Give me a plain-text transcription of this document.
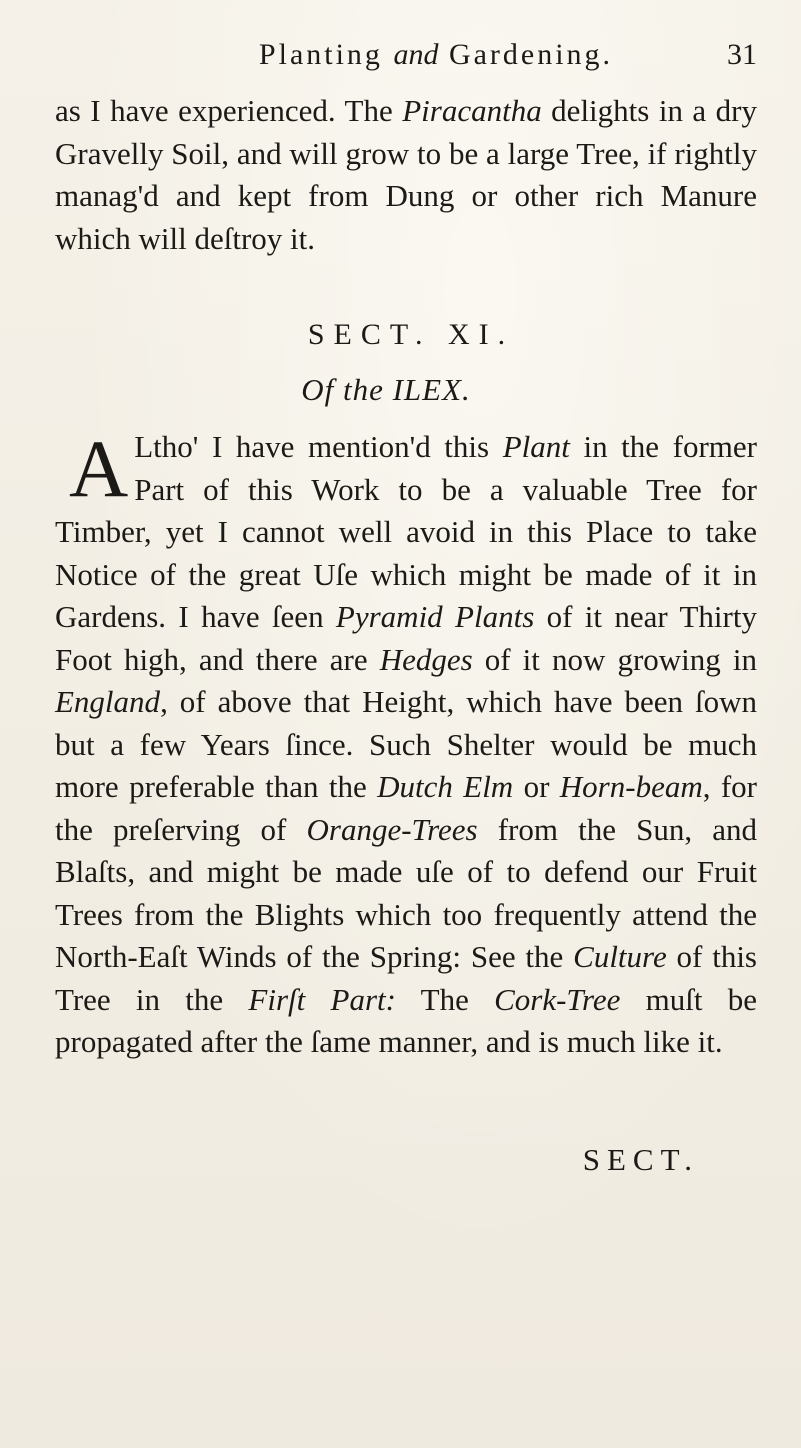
Planting and Gardening.	31

as I have experienced. The Piracantha delights in a dry Gravelly Soil, and will grow to be a large Tree, if rightly manag'd and kept from Dung or other rich Manure which will deſtroy it.

SECT. XI.
Of the ILEX.

A Ltho' I have mention'd this Plant in the former Part of this Work to be a valuable Tree for Timber, yet I cannot well avoid in this Place to take Notice of the great Uſe which might be made of it in Gardens. I have ſeen Pyramid Plants of it near Thirty Foot high, and there are Hedges of it now growing in England, of above that Height, which have been ſown but a few Years ſince. Such Shelter would be much more preferable than the Dutch Elm or Horn-beam, for the preſerving of Orange-Trees from the Sun, and Blaſts, and might be made uſe of to defend our Fruit Trees from the Blights which too frequently attend the North-Eaſt Winds of the Spring: See the Culture of this Tree in the Firſt Part: The Cork-Tree muſt be propagated after the ſame manner, and is much like it.

SECT.
